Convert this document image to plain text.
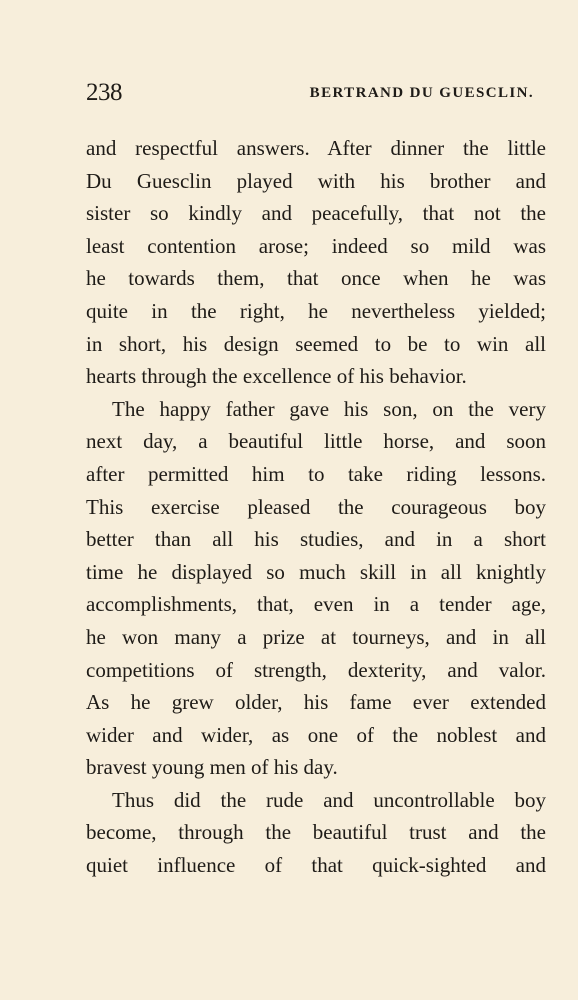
238	BERTRAND DU GUESCLIN.
and respectful answers. After dinner the little
Du Guesclin played with his brother and
sister so kindly and peacefully, that not the
least contention arose; indeed so mild was
he towards them, that once when he was
quite in the right, he nevertheless yielded;
in short, his design seemed to be to win all
hearts through the excellence of his behavior.
The happy father gave his son, on the very
next day, a beautiful little horse, and soon
after permitted him to take riding lessons.
This exercise pleased the courageous boy
better than all his studies, and in a short
time he displayed so much skill in all knightly
accomplishments, that, even in a tender age,
he won many a prize at tourneys, and in all
competitions of strength, dexterity, and valor.
As he grew older, his fame ever extended
wider and wider, as one of the noblest and
bravest young men of his day.
Thus did the rude and uncontrollable boy
become, through the beautiful trust and the
quiet influence of that quick-sighted and
